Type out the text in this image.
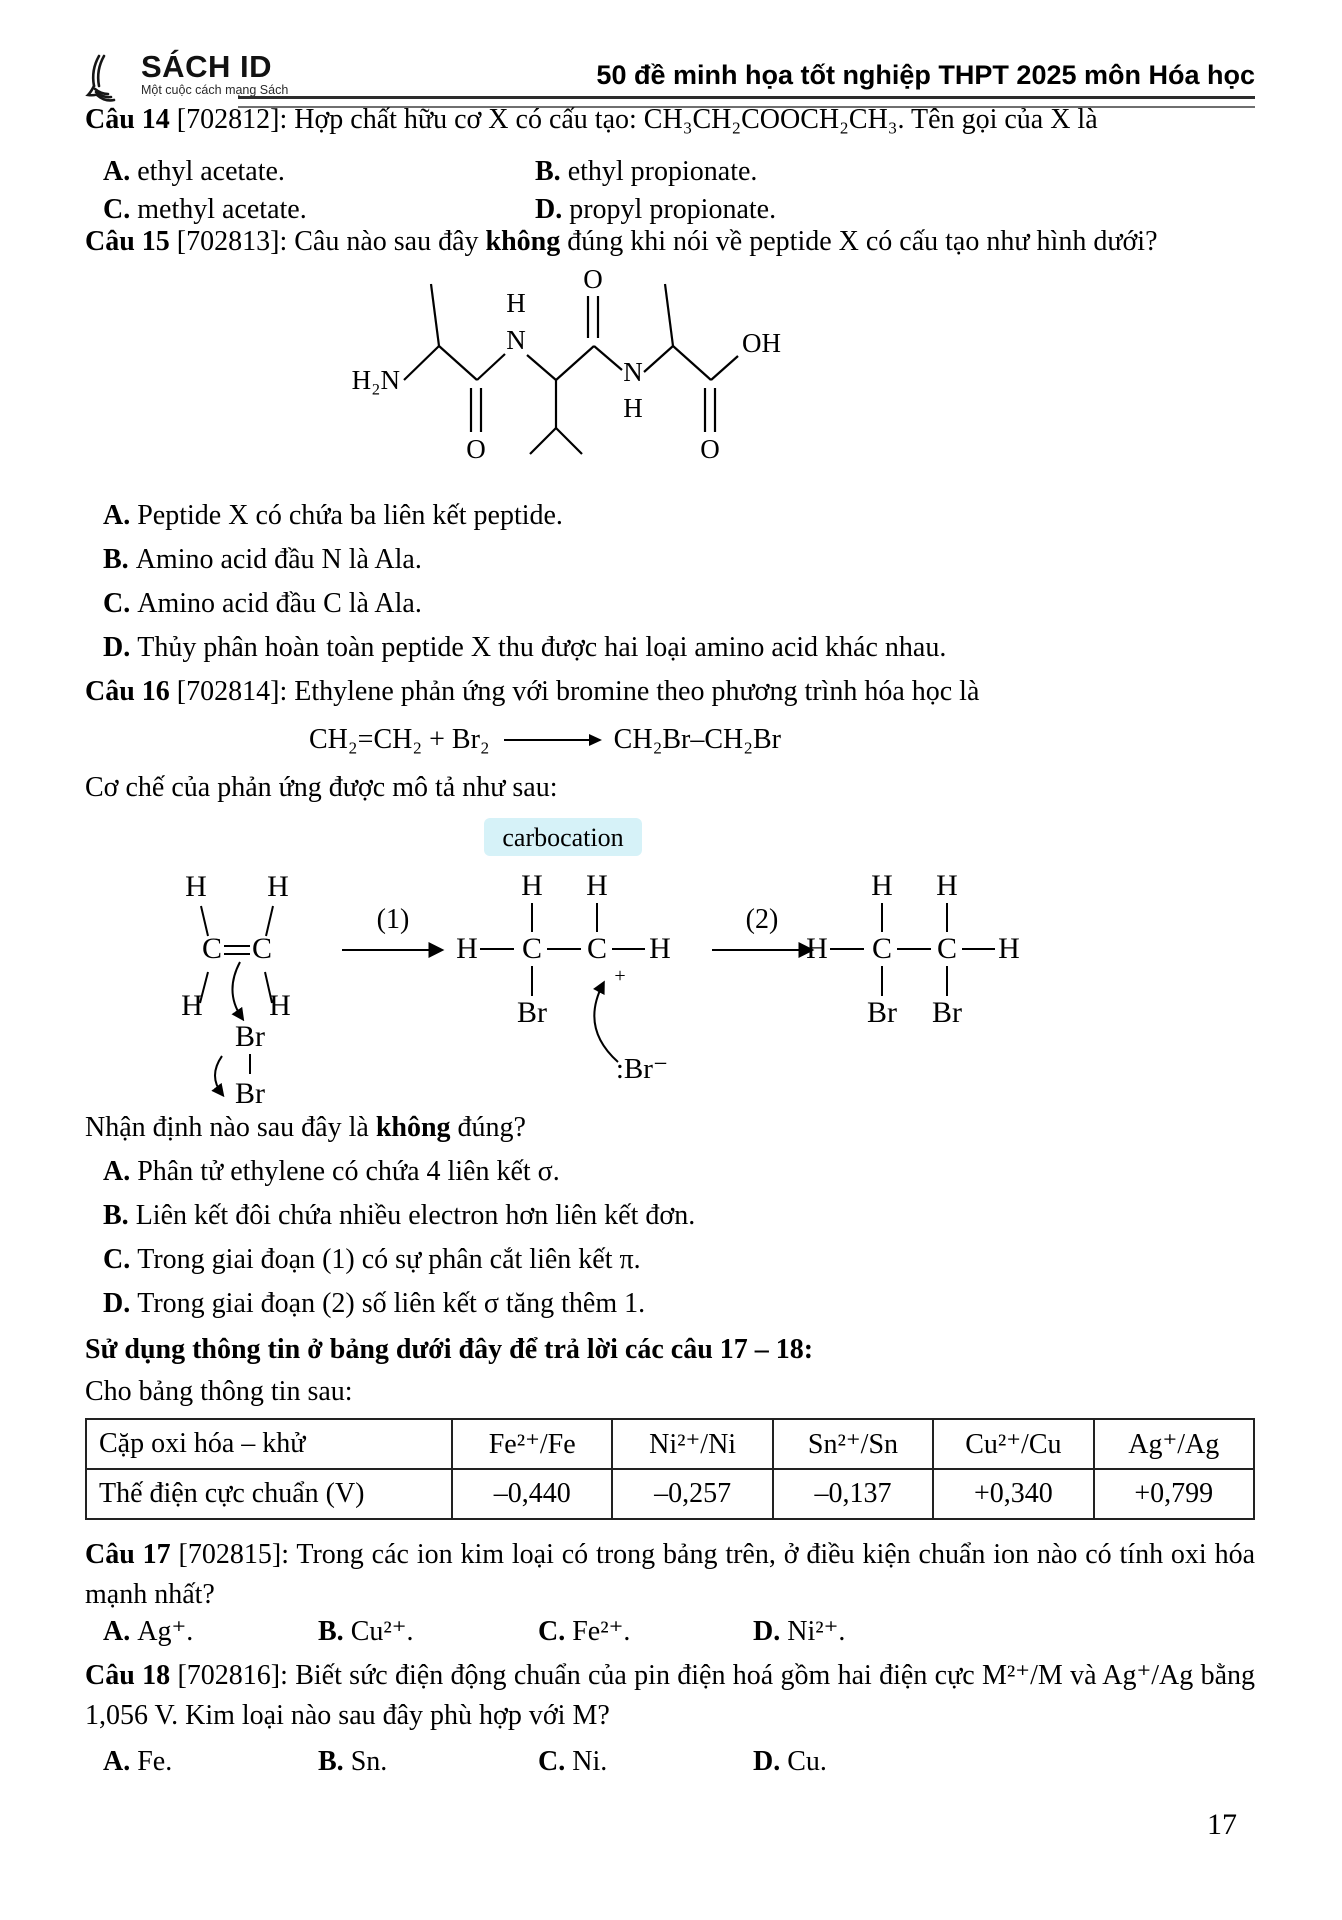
SÁCH ID
Một cuộc cách mạng Sách	50 đề minh họa tốt nghiệp THPT 2025 môn Hóa học

Câu 14 [702812]: Hợp chất hữu cơ X có cấu tạo: CH₃CH₂COOCH₂CH₃. Tên gọi của X là

A. ethyl acetate.	B. ethyl propionate.
C. methyl acetate.	D. propyl propionate.

Câu 15 [702813]: Câu nào sau đây không đúng khi nói về peptide X có cấu tạo như hình dưới?

H₂N
O
H
N
O
N
H
O
OH

A. Peptide X có chứa ba liên kết peptide.

B. Amino acid đầu N là Ala.

C. Amino acid đầu C là Ala.

D. Thủy phân hoàn toàn peptide X thu được hai loại amino acid khác nhau.

Câu 16 [702814]: Ethylene phản ứng với bromine theo phương trình hóa học là

CH₂=CH₂ + Br₂ → CH₂Br–CH₂Br

Cơ chế của phản ứng được mô tả như sau:

H H
C C
H H
Br
Br
(1)
carbocation
H H
H C C H
Br
+
:Br⁻
(2)
H H
H C C H
Br Br

Nhận định nào sau đây là không đúng?

A. Phân tử ethylene có chứa 4 liên kết σ.

B. Liên kết đôi chứa nhiều electron hơn liên kết đơn.

C. Trong giai đoạn (1) có sự phân cắt liên kết π.

D. Trong giai đoạn (2) số liên kết σ tăng thêm 1.

Sử dụng thông tin ở bảng dưới đây để trả lời các câu 17 – 18:

Cho bảng thông tin sau:

Cặp oxi hóa – khử	Fe²⁺/Fe	Ni²⁺/Ni	Sn²⁺/Sn	Cu²⁺/Cu	Ag⁺/Ag
Thế điện cực chuẩn (V)	–0,440	–0,257	–0,137	+0,340	+0,799

Câu 17 [702815]: Trong các ion kim loại có trong bảng trên, ở điều kiện chuẩn ion nào có tính oxi hóa mạnh nhất?

A. Ag⁺.	B. Cu²⁺.	C. Fe²⁺.	D. Ni²⁺.

Câu 18 [702816]: Biết sức điện động chuẩn của pin điện hoá gồm hai điện cực M²⁺/M và Ag⁺/Ag bằng 1,056 V. Kim loại nào sau đây phù hợp với M?

A. Fe.	B. Sn.	C. Ni.	D. Cu.
17
